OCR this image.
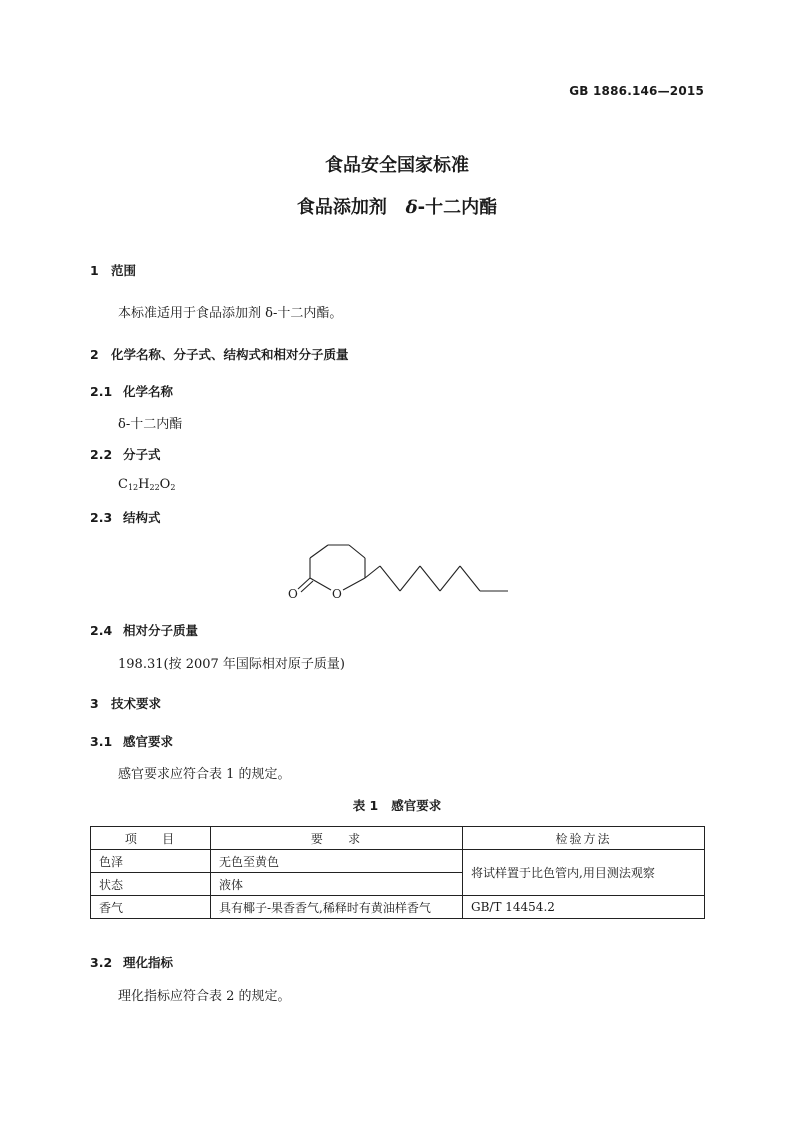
GB 1886.146—2015
食品安全国家标准
食品添加剂   δ-十二内酯
1 范围
本标准适用于食品添加剂 δ-十二内酯。
2 化学名称、分子式、结构式和相对分子质量
2.1 化学名称
δ-十二内酯
2.2 分子式
$C_{12}H_{22}O_2$
2.3 结构式
O	O
2.4 相对分子质量
198.31(按 2007 年国际相对原子质量)
3 技术要求
3.1 感官要求
感官要求应符合表 1 的规定。
表 1   感官要求
项    目	要    求	检验方法
色泽	无色至黄色	将试样置于比色管内,用目测法观察
状态	液体	
香气	具有椰子-果香香气,稀释时有黄油样香气	GB/T 14454.2
3.2 理化指标
理化指标应符合表 2 的规定。
